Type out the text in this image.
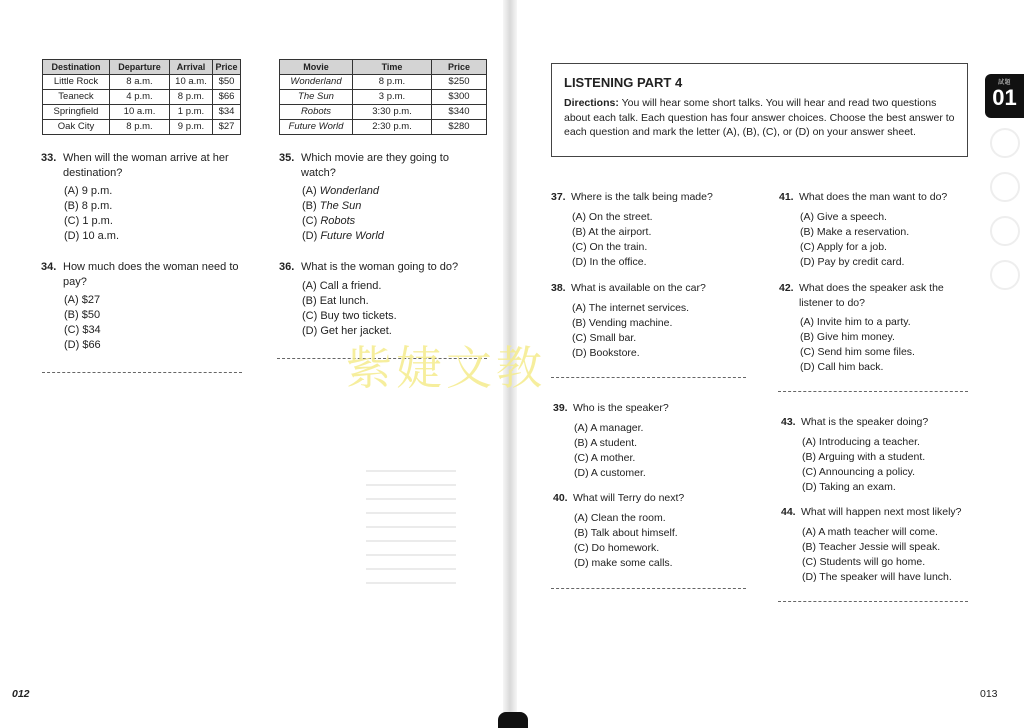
Destination	Departure	Arrival	Price
Little Rock	8 a.m.	10 a.m.	$50
Teaneck	4 p.m.	8 p.m.	$66
Springfield	10 a.m.	1 p.m.	$34
Oak City	8 p.m.	9 p.m.	$27
Movie	Time	Price
Wonderland	8 p.m.	$250
The Sun	3 p.m.	$300
Robots	3:30 p.m.	$340
Future World	2:30 p.m.	$280
33. When will the woman arrive at her destination?
(A) 9 p.m.
(B) 8 p.m.
(C) 1 p.m.
(D) 10 a.m.
34. How much does the woman need to pay?
(A) $27
(B) $50
(C) $34
(D) $66
35. Which movie are they going to watch?
(A) Wonderland
(B) The Sun
(C) Robots
(D) Future World
36. What is the woman going to do?
(A) Call a friend.
(B) Eat lunch.
(C) Buy two tickets.
(D) Get her jacket.
LISTENING PART 4

Directions: You will hear some short talks. You will hear and read two questions about each talk. Each question has four answer choices. Choose the best answer to each question and mark the letter (A), (B), (C), or (D) on your answer sheet.

試題
01
37. Where is the talk being made?
(A) On the street.
(B) At the airport.
(C) On the train.
(D) In the office.
38. What is available on the car?
(A) The internet services.
(B) Vending machine.
(C) Small bar.
(D) Bookstore.
39. Who is the speaker?
(A) A manager.
(B) A student.
(C) A mother.
(D) A customer.
40. What will Terry do next?
(A) Clean the room.
(B) Talk about himself.
(C) Do homework.
(D) make some calls.
41. What does the man want to do?
(A) Give a speech.
(B) Make a reservation.
(C) Apply for a job.
(D) Pay by credit card.
42. What does the speaker ask the listener to do?
(A) Invite him to a party.
(B) Give him money.
(C) Send him some files.
(D) Call him back.
43. What is the speaker doing?
(A) Introducing a teacher.
(B) Arguing with a student.
(C) Announcing a policy.
(D) Taking an exam.
44. What will happen next most likely?
(A) A math teacher will come.
(B) Teacher Jessie will speak.
(C) Students will go home.
(D) The speaker will have lunch.
012	013
紫婕文教
